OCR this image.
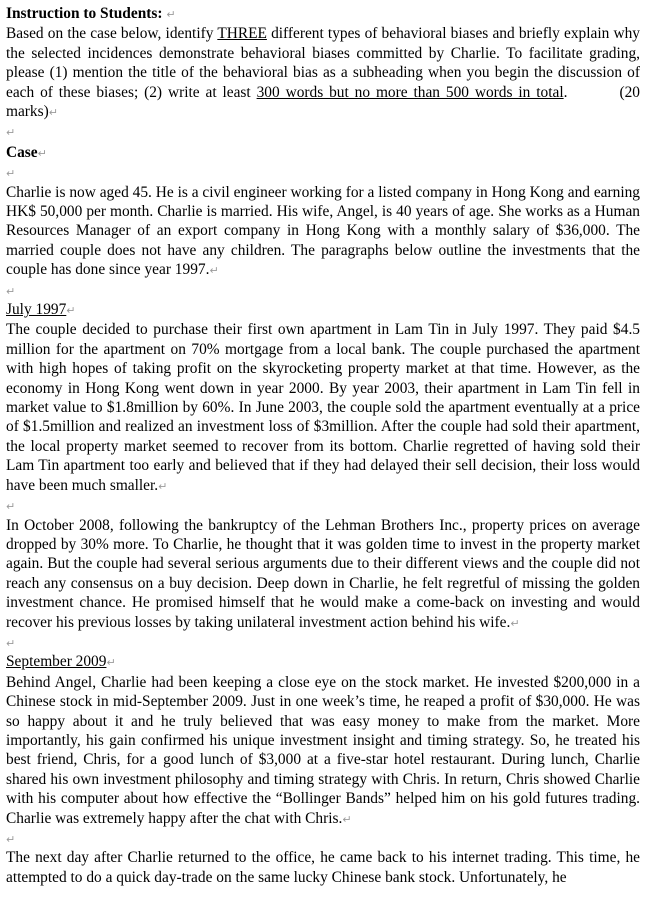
Instruction to Students: ↵
Based on the case below, identify THREE different types of behavioral biases and briefly explain why the selected incidences demonstrate behavioral biases committed by Charlie. To facilitate grading, please (1) mention the title of the behavioral bias as a subheading when you begin the discussion of each of these biases; (2) write at least 300 words but no more than 500 words in total.	(20 marks)↵

↵

Case↵

↵

Charlie is now aged 45. He is a civil engineer working for a listed company in Hong Kong and earning HK$ 50,000 per month. Charlie is married. His wife, Angel, is 40 years of age. She works as a Human Resources Manager of an export company in Hong Kong with a monthly salary of $36,000. The married couple does not have any children. The paragraphs below outline the investments that the couple has done since year 1997.↵

↵

July 1997↵

The couple decided to purchase their first own apartment in Lam Tin in July 1997. They paid $4.5 million for the apartment on 70% mortgage from a local bank. The couple purchased the apartment with high hopes of taking profit on the skyrocketing property market at that time. However, as the economy in Hong Kong went down in year 2000. By year 2003, their apartment in Lam Tin fell in market value to $1.8million by 60%. In June 2003, the couple sold the apartment eventually at a price of $1.5million and realized an investment loss of $3million. After the couple had sold their apartment, the local property market seemed to recover from its bottom. Charlie regretted of having sold their Lam Tin apartment too early and believed that if they had delayed their sell decision, their loss would have been much smaller.↵

↵

In October 2008, following the bankruptcy of the Lehman Brothers Inc., property prices on average dropped by 30% more. To Charlie, he thought that it was golden time to invest in the property market again. But the couple had several serious arguments due to their different views and the couple did not reach any consensus on a buy decision. Deep down in Charlie, he felt regretful of missing the golden investment chance. He promised himself that he would make a come-back on investing and would recover his previous losses by taking unilateral investment action behind his wife.↵

↵

September 2009↵

Behind Angel, Charlie had been keeping a close eye on the stock market. He invested $200,000 in a Chinese stock in mid-September 2009. Just in one week’s time, he reaped a profit of $30,000. He was so happy about it and he truly believed that was easy money to make from the market. More importantly, his gain confirmed his unique investment insight and timing strategy. So, he treated his best friend, Chris, for a good lunch of $3,000 at a five-star hotel restaurant. During lunch, Charlie shared his own investment philosophy and timing strategy with Chris. In return, Chris showed Charlie with his computer about how effective the “Bollinger Bands” helped him on his gold futures trading. Charlie was extremely happy after the chat with Chris.↵

↵

The next day after Charlie returned to the office, he came back to his internet trading. This time, he attempted to do a quick day-trade on the same lucky Chinese bank stock. Unfortunately, he
